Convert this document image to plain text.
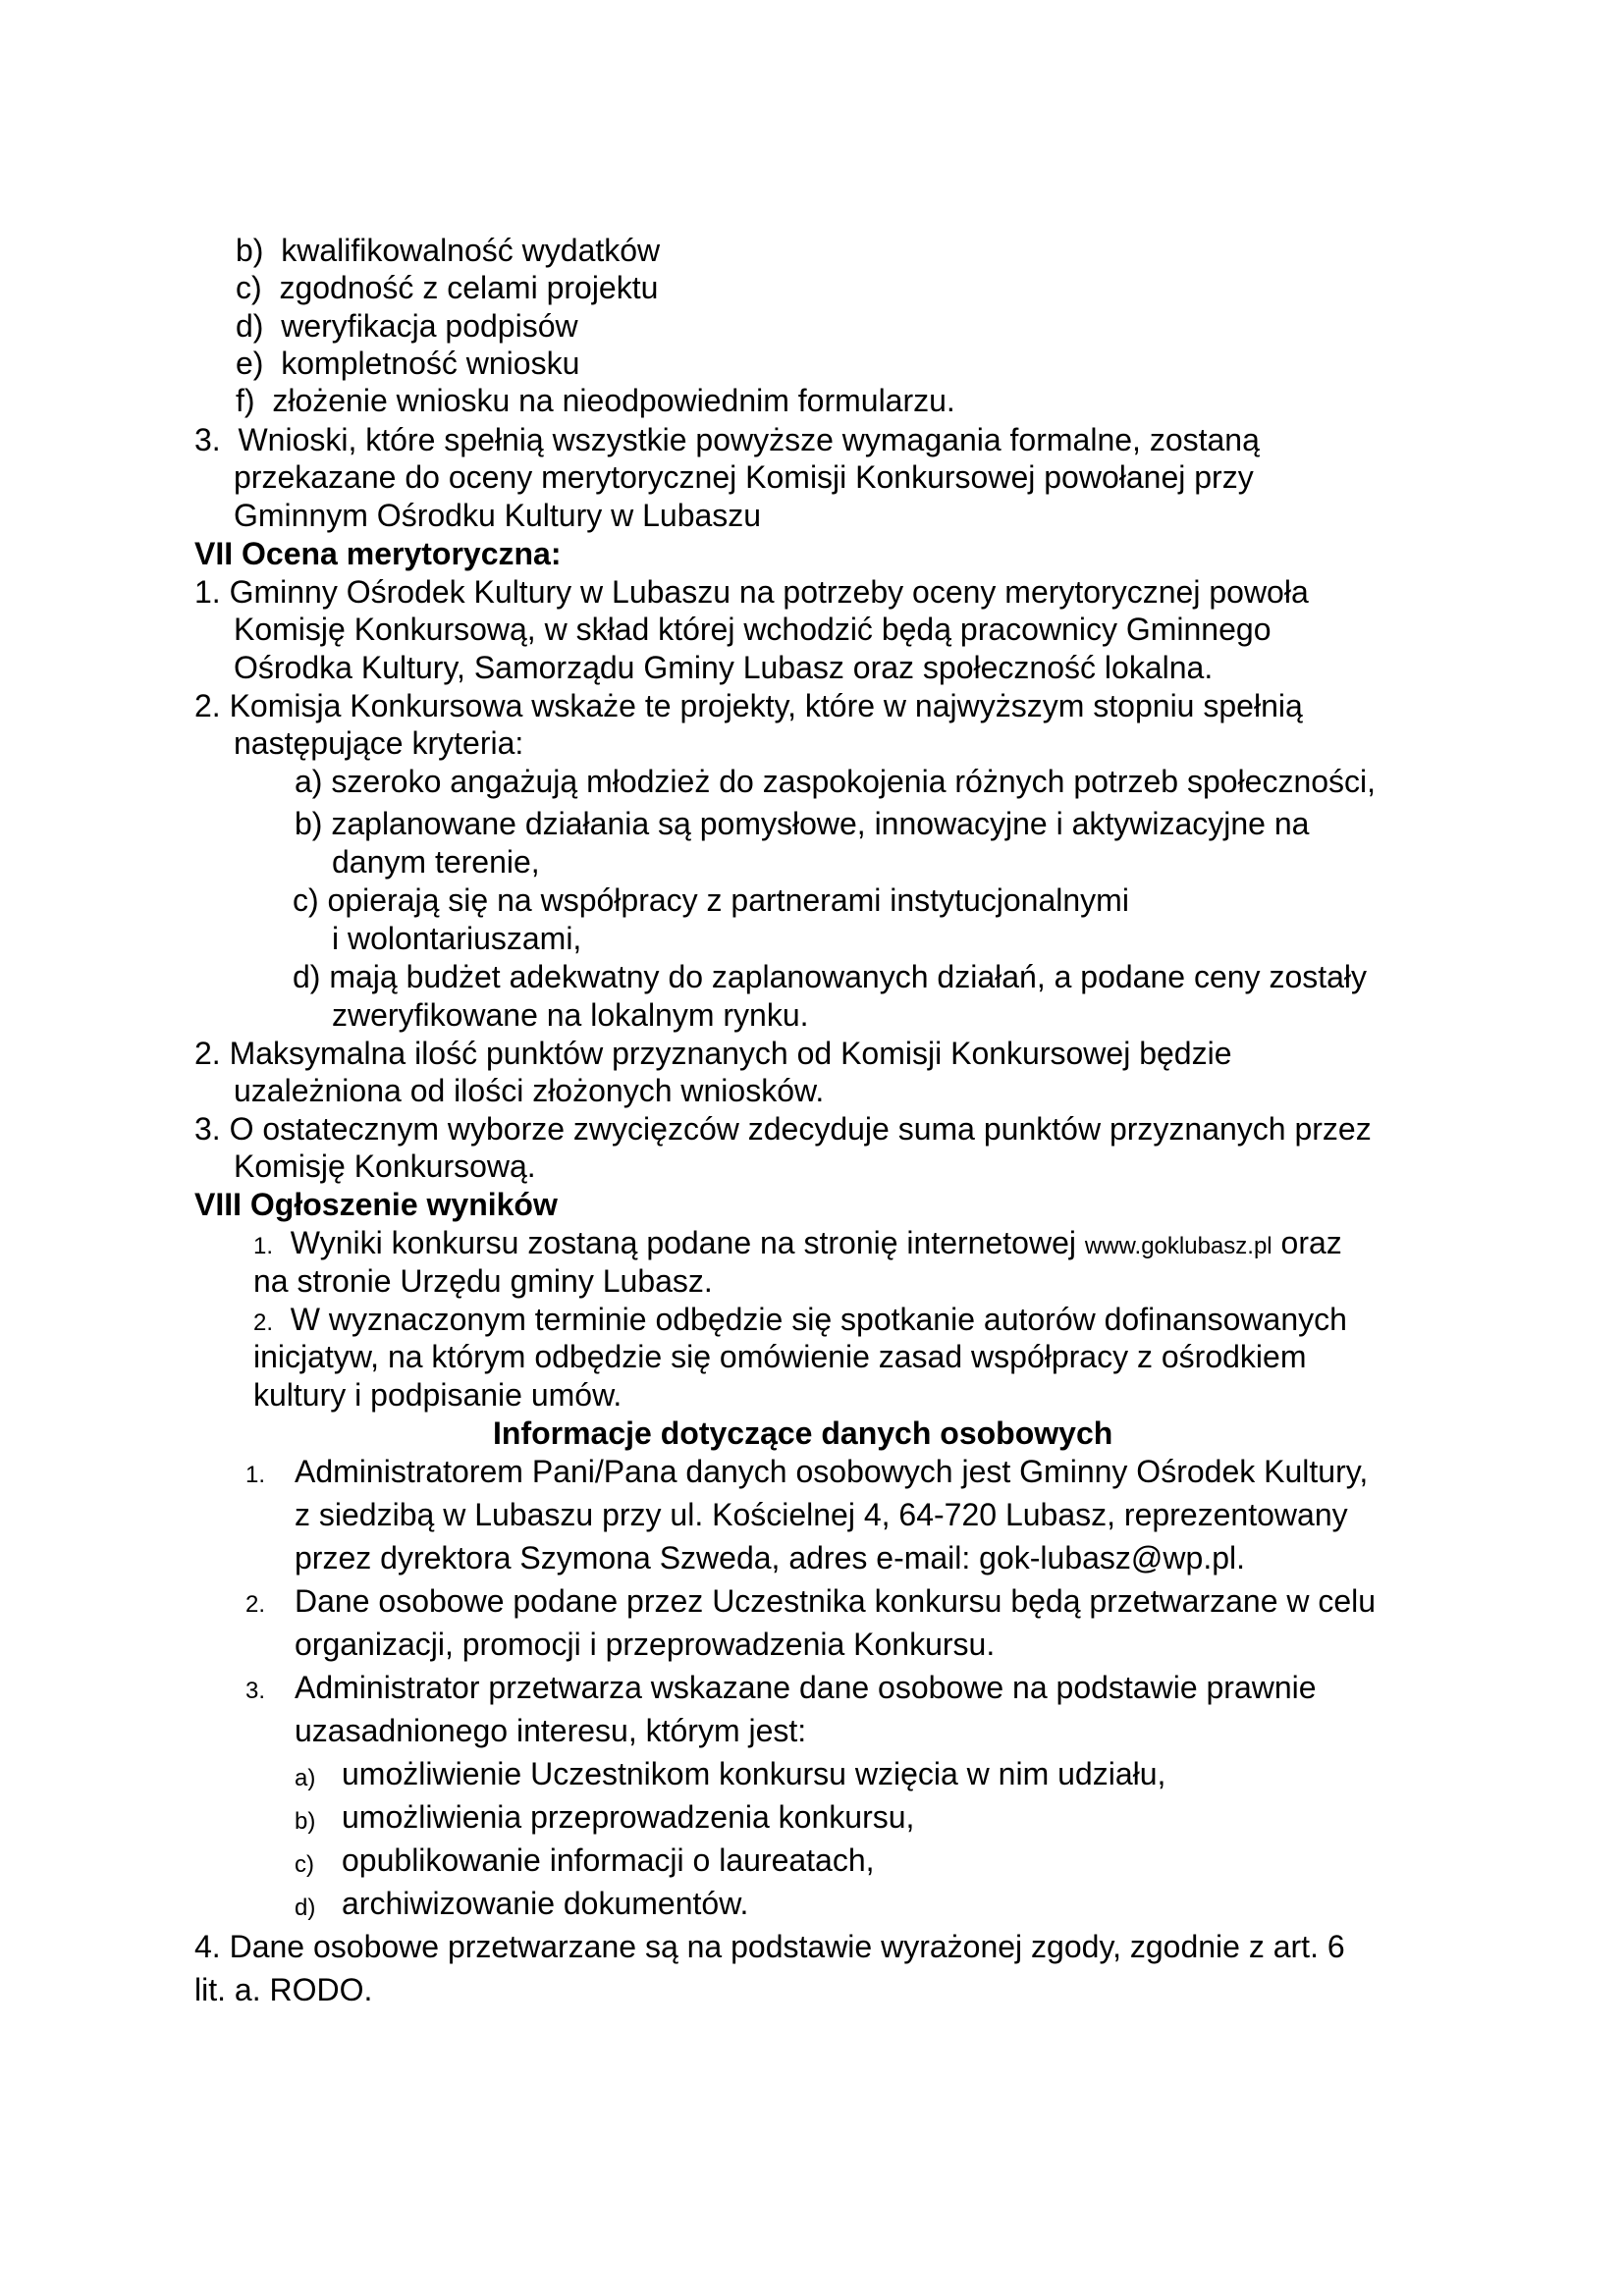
b) kwalifikowalność wydatków
c) zgodność z celami projektu
d) weryfikacja podpisów
e) kompletność wniosku
f) złożenie wniosku na nieodpowiednim formularzu.
3. Wnioski, które spełnią wszystkie powyższe wymagania formalne, zostaną
przekazane do oceny merytorycznej Komisji Konkursowej powołanej przy
Gminnym Ośrodku Kultury w Lubaszu
VII Ocena merytoryczna:
1. Gminny Ośrodek Kultury w Lubaszu na potrzeby oceny merytorycznej powoła
Komisję Konkursową, w skład której wchodzić będą pracownicy Gminnego
Ośrodka Kultury, Samorządu Gminy Lubasz oraz społeczność lokalna.
2. Komisja Konkursowa wskaże te projekty, które w najwyższym stopniu spełnią
następujące kryteria:
a) szeroko angażują młodzież do zaspokojenia różnych potrzeb społeczności,
b) zaplanowane działania są pomysłowe, innowacyjne i aktywizacyjne na
danym terenie,
c) opierają się na współpracy z partnerami instytucjonalnymi
i wolontariuszami,
d) mają budżet adekwatny do zaplanowanych działań, a podane ceny zostały
zweryfikowane na lokalnym rynku.
2. Maksymalna ilość punktów przyznanych od Komisji Konkursowej będzie
uzależniona od ilości złożonych wniosków.
3. O ostatecznym wyborze zwycięzców zdecyduje suma punktów przyznanych przez
Komisję Konkursową.
VIII Ogłoszenie wyników
1. Wyniki konkursu zostaną podane na stronię internetowej www.goklubasz.pl oraz
na stronie Urzędu gminy Lubasz.
2. W wyznaczonym terminie odbędzie się spotkanie autorów dofinansowanych
inicjatyw, na którym odbędzie się omówienie zasad współpracy z ośrodkiem
kultury i podpisanie umów.
Informacje dotyczące danych osobowych
1. Administratorem Pani/Pana danych osobowych jest Gminny Ośrodek Kultury,
z siedzibą w Lubaszu przy ul. Kościelnej 4, 64-720 Lubasz, reprezentowany
przez dyrektora Szymona Szweda, adres e-mail: gok-lubasz@wp.pl.
2. Dane osobowe podane przez Uczestnika konkursu będą przetwarzane w celu
organizacji, promocji i przeprowadzenia Konkursu.
3. Administrator przetwarza wskazane dane osobowe na podstawie prawnie
uzasadnionego interesu, którym jest:
a) umożliwienie Uczestnikom konkursu wzięcia w nim udziału,
b) umożliwienia przeprowadzenia konkursu,
c) opublikowanie informacji o laureatach,
d) archiwizowanie dokumentów.
4. Dane osobowe przetwarzane są na podstawie wyrażonej zgody, zgodnie z art. 6
lit. a. RODO.
